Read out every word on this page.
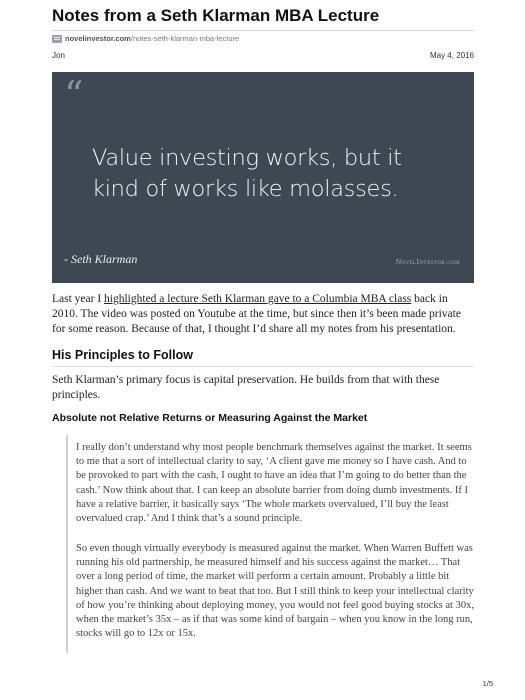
Notes from a Seth Klarman MBA Lecture
novelinvestor.com /notes-seth-klarman-mba-lecture
Jon	May 4, 2016
“
Value investing works, but it kind of works like molasses.
- Seth Klarman	NovelInvestor.com
Last year I highlighted a lecture Seth Klarman gave to a Columbia MBA class back in 2010. The video was posted on Youtube at the time, but since then it’s been made private for some reason. Because of that, I thought I’d share all my notes from his presentation.
His Principles to Follow
Seth Klarman’s primary focus is capital preservation. He builds from that with these principles.
Absolute not Relative Returns or Measuring Against the Market
I really don’t understand why most people benchmark themselves against the market. It seems to me that a sort of intellectual clarity to say, ‘A client gave me money so I have cash. And to be provoked to part with the cash, I ought to have an idea that I’m going to do better than the cash.’ Now think about that. I can keep an absolute barrier from doing dumb investments. If I have a relative barrier, it basically says ‘The whole markets overvalued, I’ll buy the least overvalued crap.’ And I think that’s a sound principle.
So even though virtually everybody is measured against the market. When Warren Buffett was running his old partnership, he measured himself and his success against the market… That over a long period of time, the market will perform a certain amount. Probably a little bit higher than cash. And we want to beat that too. But I still think to keep your intellectual clarity of how you’re thinking about deploying money, you would not feel good buying stocks at 30x, when the market’s 35x – as if that was some kind of bargain – when you know in the long run, stocks will go to 12x or 15x.
1/5
